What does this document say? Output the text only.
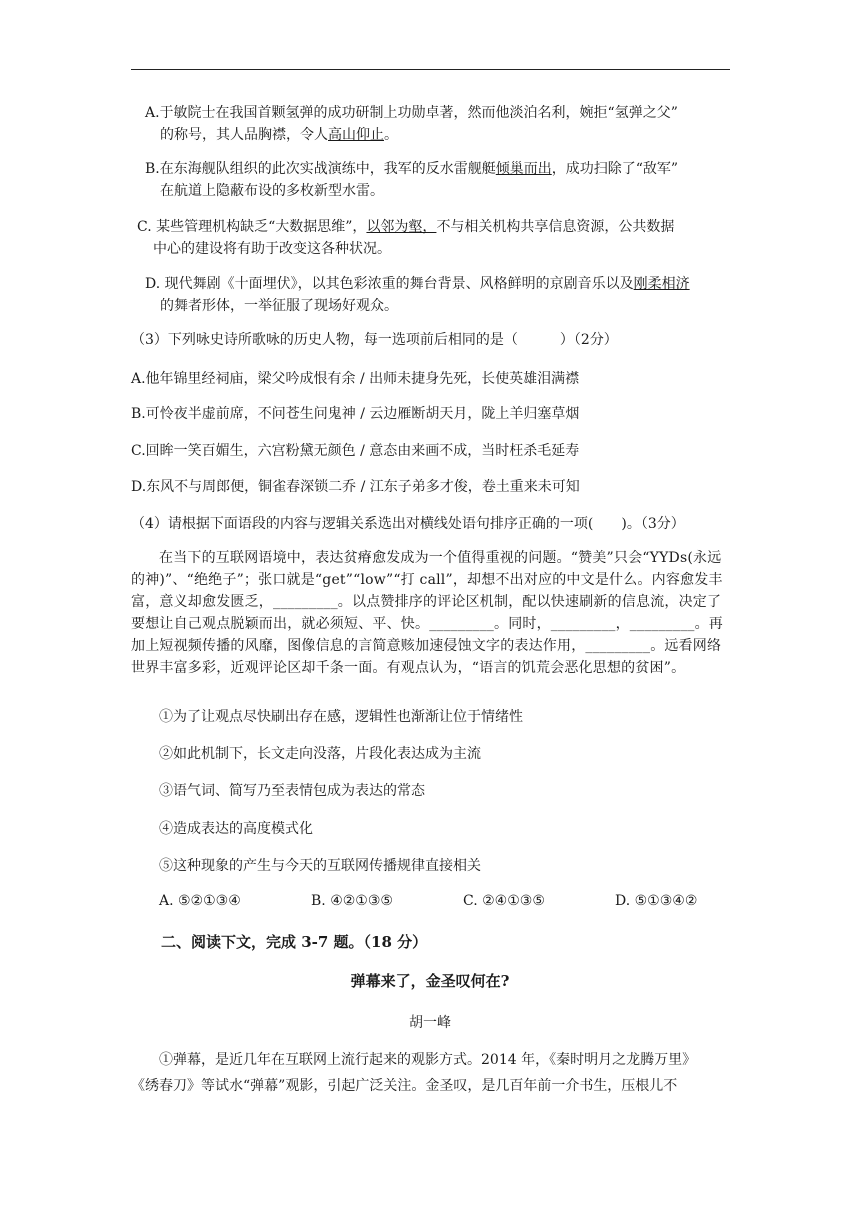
A.于敏院士在我国首颗氢弹的成功研制上功勋卓著，然而他淡泊名利，婉拒“氢弹之父”
的称号，其人品胸襟，令人高山仰止。
B.在东海舰队组织的此次实战演练中，我军的反水雷舰艇倾巢而出，成功扫除了“敌军”
在航道上隐蔽布设的多枚新型水雷。
C. 某些管理机构缺乏“大数据思维”，以邻为壑，不与相关机构共享信息资源，公共数据
中心的建设将有助于改变这各种状况。
D. 现代舞剧《十面埋伏》，以其色彩浓重的舞台背景、风格鲜明的京剧音乐以及刚柔相济
的舞者形体，一举征服了现场好观众。
（3）下列咏史诗所歌咏的历史人物，每一选项前后相同的是（　　　）（2分）
A.他年锦里经祠庙，梁父吟成恨有余 / 出师未捷身先死，长使英雄泪满襟
B.可怜夜半虚前席，不问苍生问鬼神 / 云边雁断胡天月，陇上羊归塞草烟
C.回眸一笑百媚生，六宫粉黛无颜色 / 意态由来画不成，当时枉杀毛延寿
D.东风不与周郎便，铜雀春深锁二乔 / 江东子弟多才俊，卷土重来未可知
（4）请根据下面语段的内容与逻辑关系选出对横线处语句排序正确的一项(　　)。（3分）
在当下的互联网语境中，表达贫瘠愈发成为一个值得重视的问题。“赞美”只会“YYDs(永远的神)”、“绝绝子”；张口就是“get”“low”“打 call”，却想不出对应的中文是什么。内容愈发丰富，意义却愈发匮乏，_________。以点赞排序的评论区机制，配以快速刷新的信息流，决定了要想让自己观点脱颖而出，就必须短、平、快。_________。同时，_________，_________。再加上短视频传播的风靡，图像信息的言简意赅加速侵蚀文字的表达作用，_________。远看网络世界丰富多彩，近观评论区却千条一面。有观点认为，“语言的饥荒会恶化思想的贫困”。
①为了让观点尽快刷出存在感，逻辑性也渐渐让位于情绪性
②如此机制下，长文走向没落，片段化表达成为主流
③语气词、简写乃至表情包成为表达的常态
④造成表达的高度模式化
⑤这种现象的产生与今天的互联网传播规律直接相关
A. ⑤②①③④	B. ④②①③⑤	C. ②④①③⑤	D. ⑤①③④②
二、阅读下文，完成 3-7 题。（18 分）
弹幕来了，金圣叹何在?
胡一峰
①弹幕，是近几年在互联网上流行起来的观影方式。2014 年，《秦时明月之龙腾万里》
《绣春刀》等试水“弹幕”观影，引起广泛关注。金圣叹，是几百年前一介书生，压根儿不
